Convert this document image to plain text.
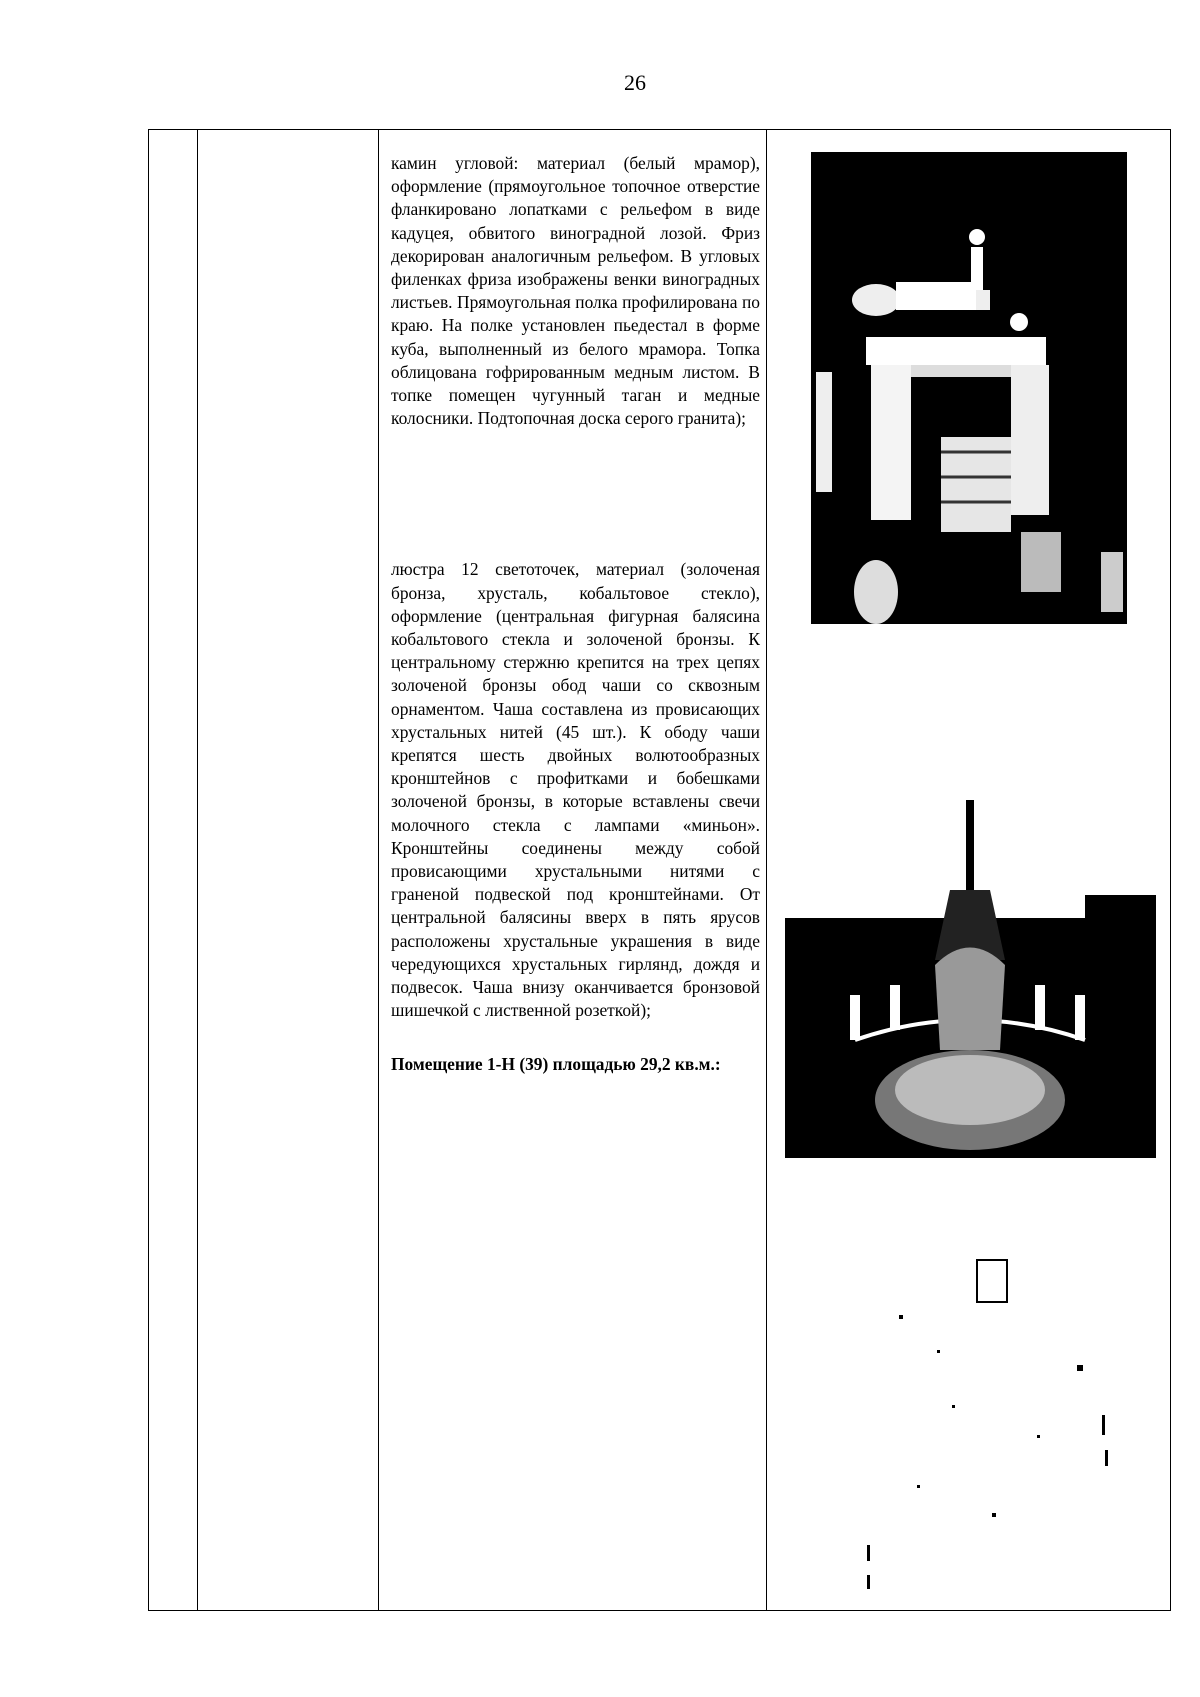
26

камин угловой: материал (белый мрамор), оформление (прямоугольное топочное отверстие фланкировано лопатками с рельефом в виде кадуцея, обвитого виноградной лозой. Фриз декорирован аналогичным рельефом. В угловых филенках фриза изображены венки виноградных листьев. Прямоугольная полка профилирована по краю. На полке установлен пьедестал в форме куба, выполненный из белого мрамора. Топка облицована гофрированным медным листом. В топке помещен чугунный таган и медные колосники. Подтопочная доска серого гранита);

люстра 12 светоточек, материал (золоченая бронза, хрусталь, кобальтовое стекло), оформление (центральная фигурная балясина кобальтового стекла и золоченой бронзы. К центральному стержню крепится на трех цепях золоченой бронзы обод чаши со сквозным орнаментом. Чаша составлена из провисающих хрустальных нитей (45 шт.). К ободу чаши крепятся шесть двойных волютообразных кронштейнов с профитками и бобешками золоченой бронзы, в которые вставлены свечи молочного стекла с лампами «миньон». Кронштейны соединены между собой провисающими хрустальными нитями с граненой подвеской под кронштейнами. От центральной балясины вверх в пять ярусов расположены хрустальные украшения в виде чередующихся хрустальных гирлянд, дождя и подвесок. Чаша внизу оканчивается бронзовой шишечкой с лиственной розеткой);

Помещение 1-Н (39) площадью 29,2 кв.м.:
